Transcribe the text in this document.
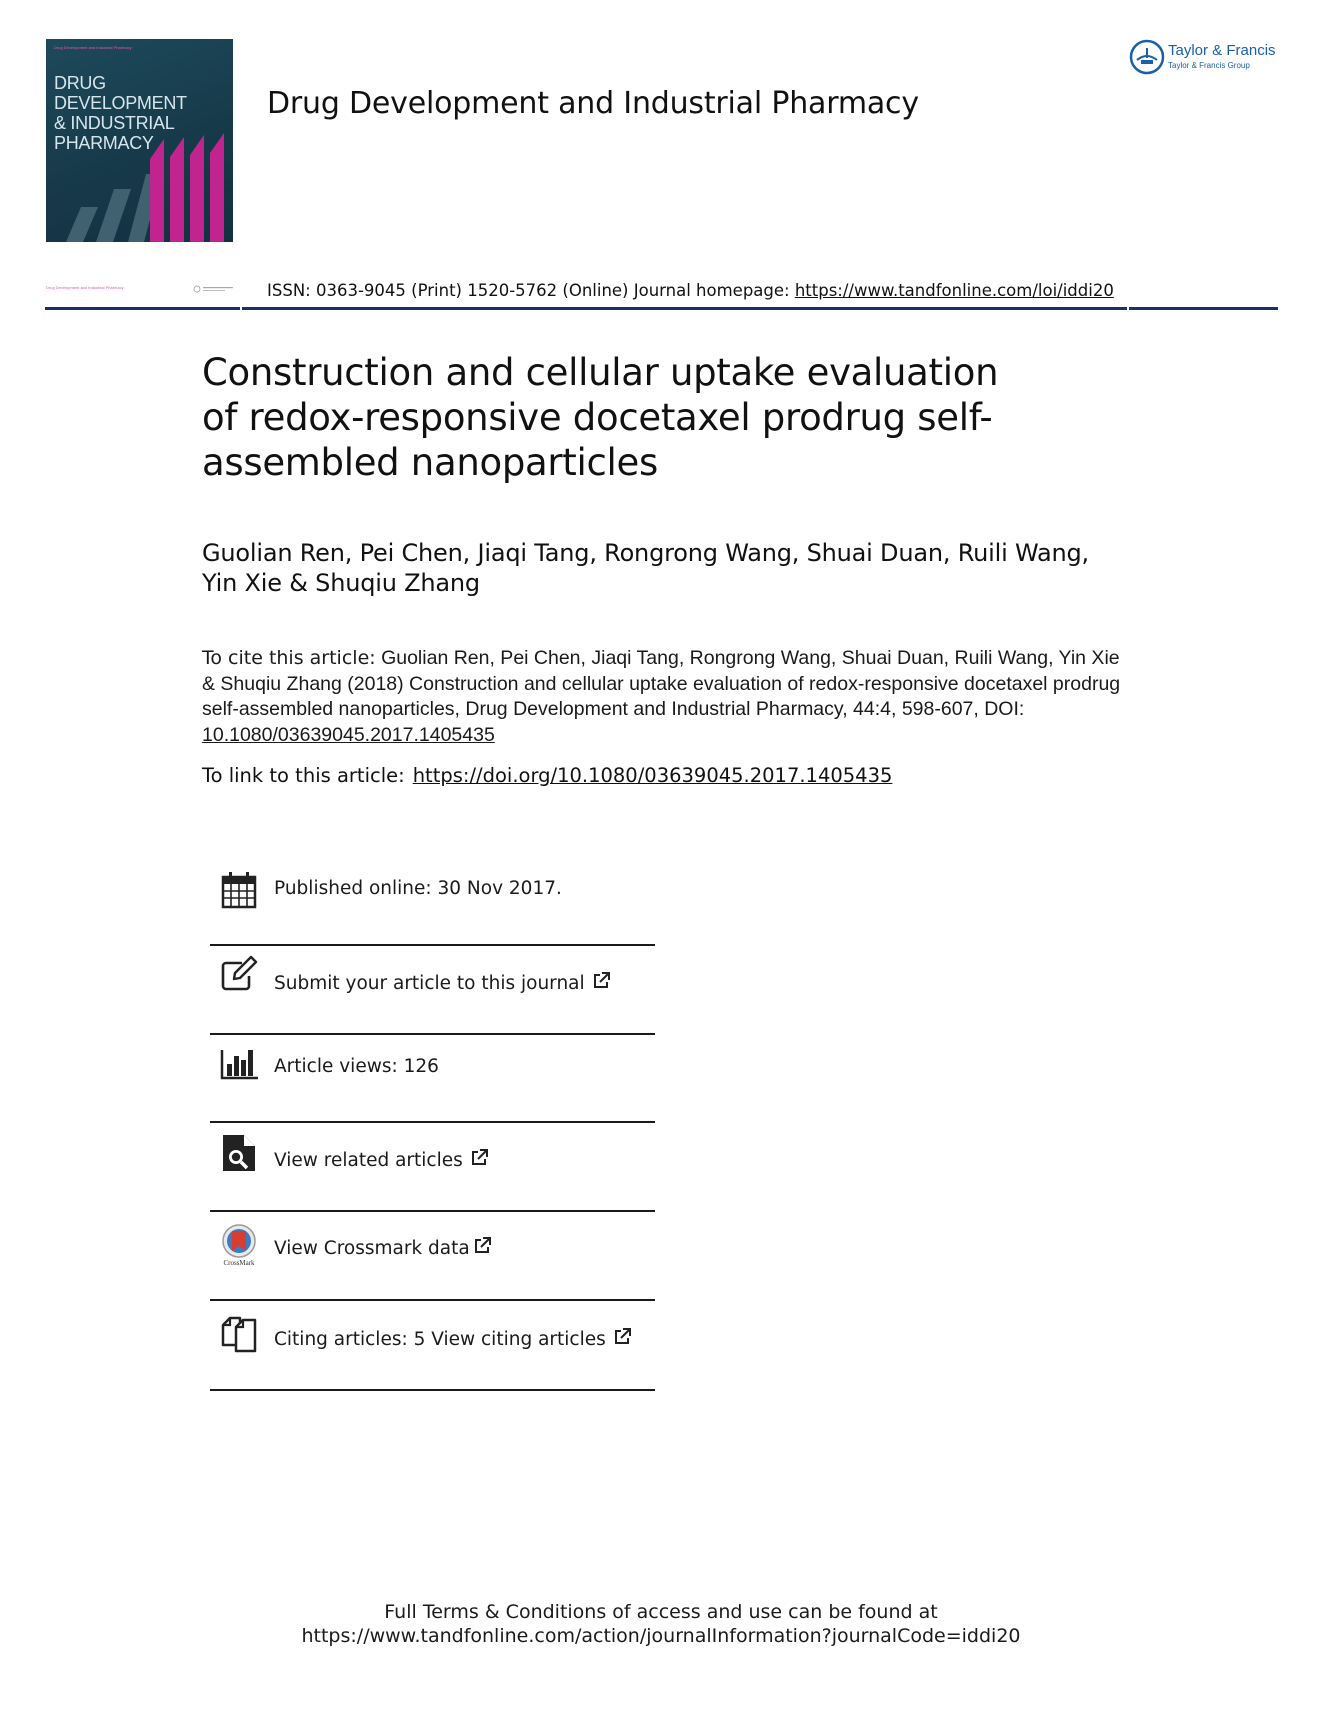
Drug Development and Industrial Pharmacy
DRUG DEVELOPMENT
& INDUSTRIAL
PHARMACY
Drug Development and Industrial Pharmacy
Taylor & Francis
Taylor & Francis Group
Drug Development and Industrial Pharmacy	ISSN: 0363-9045 (Print) 1520-5762 (Online) Journal homepage: https://www.tandfonline.com/loi/iddi20
Construction and cellular uptake evaluation of redox-responsive docetaxel prodrug self-assembled nanoparticles
Guolian Ren, Pei Chen, Jiaqi Tang, Rongrong Wang, Shuai Duan, Ruili Wang,
Yin Xie & Shuqiu Zhang
To cite this article: Guolian Ren, Pei Chen, Jiaqi Tang, Rongrong Wang, Shuai Duan, Ruili Wang, Yin Xie & Shuqiu Zhang (2018) Construction and cellular uptake evaluation of redox-responsive docetaxel prodrug self-assembled nanoparticles, Drug Development and Industrial Pharmacy, 44:4, 598-607, DOI: 10.1080/03639045.2017.1405435
To link to this article: https://doi.org/10.1080/03639045.2017.1405435
Published online: 30 Nov 2017.
Submit your article to this journal
Article views: 126
View related articles
CrossMark
View Crossmark data
Citing articles: 5 View citing articles
Full Terms & Conditions of access and use can be found at
https://www.tandfonline.com/action/journalInformation?journalCode=iddi20
